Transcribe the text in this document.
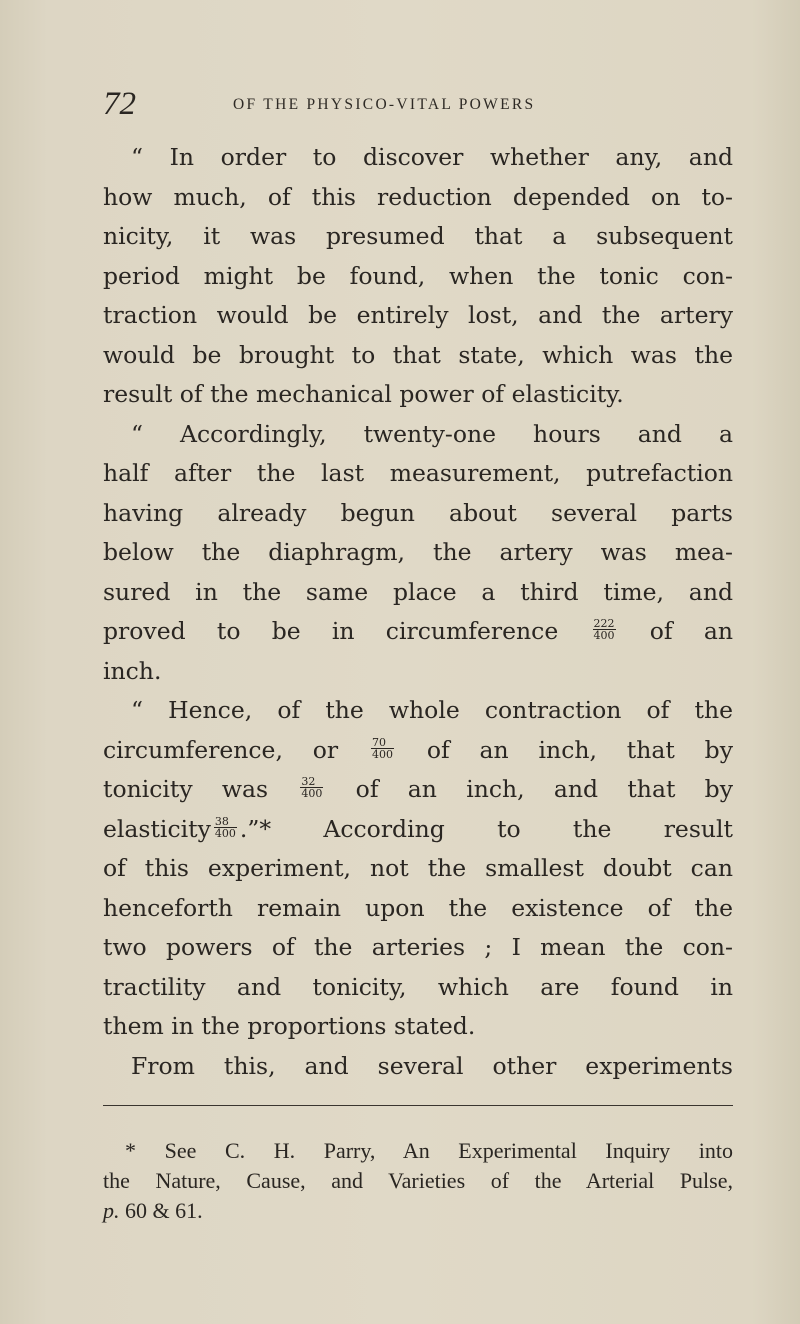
72	OF THE PHYSICO-VITAL POWERS
“ In order to discover whether any, and
how much, of this reduction depended on to-
nicity, it was presumed that a subsequent
period might be found, when the tonic con-
traction would be entirely lost, and the artery
would be brought to that state, which was the
result of the mechanical power of elasticity.
“ Accordingly, twenty-one hours and a
half after the last measurement, putrefaction
having already begun about several parts
below the diaphragm, the artery was mea-
sured in the same place a third time, and
proved to be in circumference	$\frac{222}{400}$ of an
inch.
“ Hence, of the whole contraction of the
circumference, or	$\frac{70}{400}$ of an inch, that by
tonicity was	$\frac{32}{400}$ of an inch, and that by
elasticity $\frac{38}{400}$ .”* According to the result
of this experiment, not the smallest doubt can
henceforth remain upon the existence of the
two powers of the arteries ; I mean the con-
tractility and tonicity, which are found in
them in the proportions stated.
From this, and several other experiments
* See C. H. Parry, An Experimental Inquiry into
the Nature, Cause, and Varieties of the Arterial Pulse,
p. 60 & 61.
